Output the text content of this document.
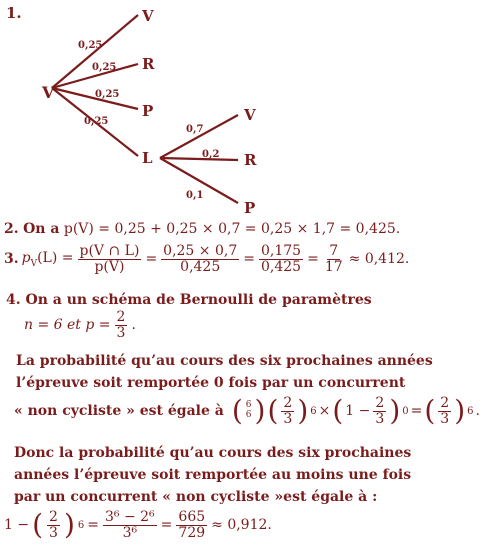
1.
V
V
R
P
L
0,25
0,25
0,25
0,25	V
R
P
0,7
0,2
0,1
2. On a p(V) = 0,25 + 0,25 × 0,7 = 0,25 × 1,7 = 0,425.
3. $p_V(L) = \frac{p(V \cap L)}{p(V)} = \frac{0,25 \times 0,7}{0,425} = \frac{0,175}{0,425} = \frac{7}{17} \approx 0,412$.
4. On a un schéma de Bernoulli de paramètres
n = 6 et $p = \frac{2}{3}$ .
La probabilité qu’au cours des six prochaines années
l’épreuve soit remportée 0 fois par un concurrent
« non cycliste » est égale à ( 6
6 ) ( $\frac{2}{3}$ ) 6 × ( $1 - \frac{2}{3}$ ) 0 = ( $\frac{2}{3}$ ) 6 .
Donc la probabilité qu’au cours des six prochaines
années l’épreuve soit remportée au moins une fois
par un concurrent « non cycliste »est égale à :
1 − ( $\frac{2}{3}$ ) $6 = \frac{\text{3⁶ − 2⁶}}{\text{3⁶}} = \frac{665}{729} \approx 0,912$.
